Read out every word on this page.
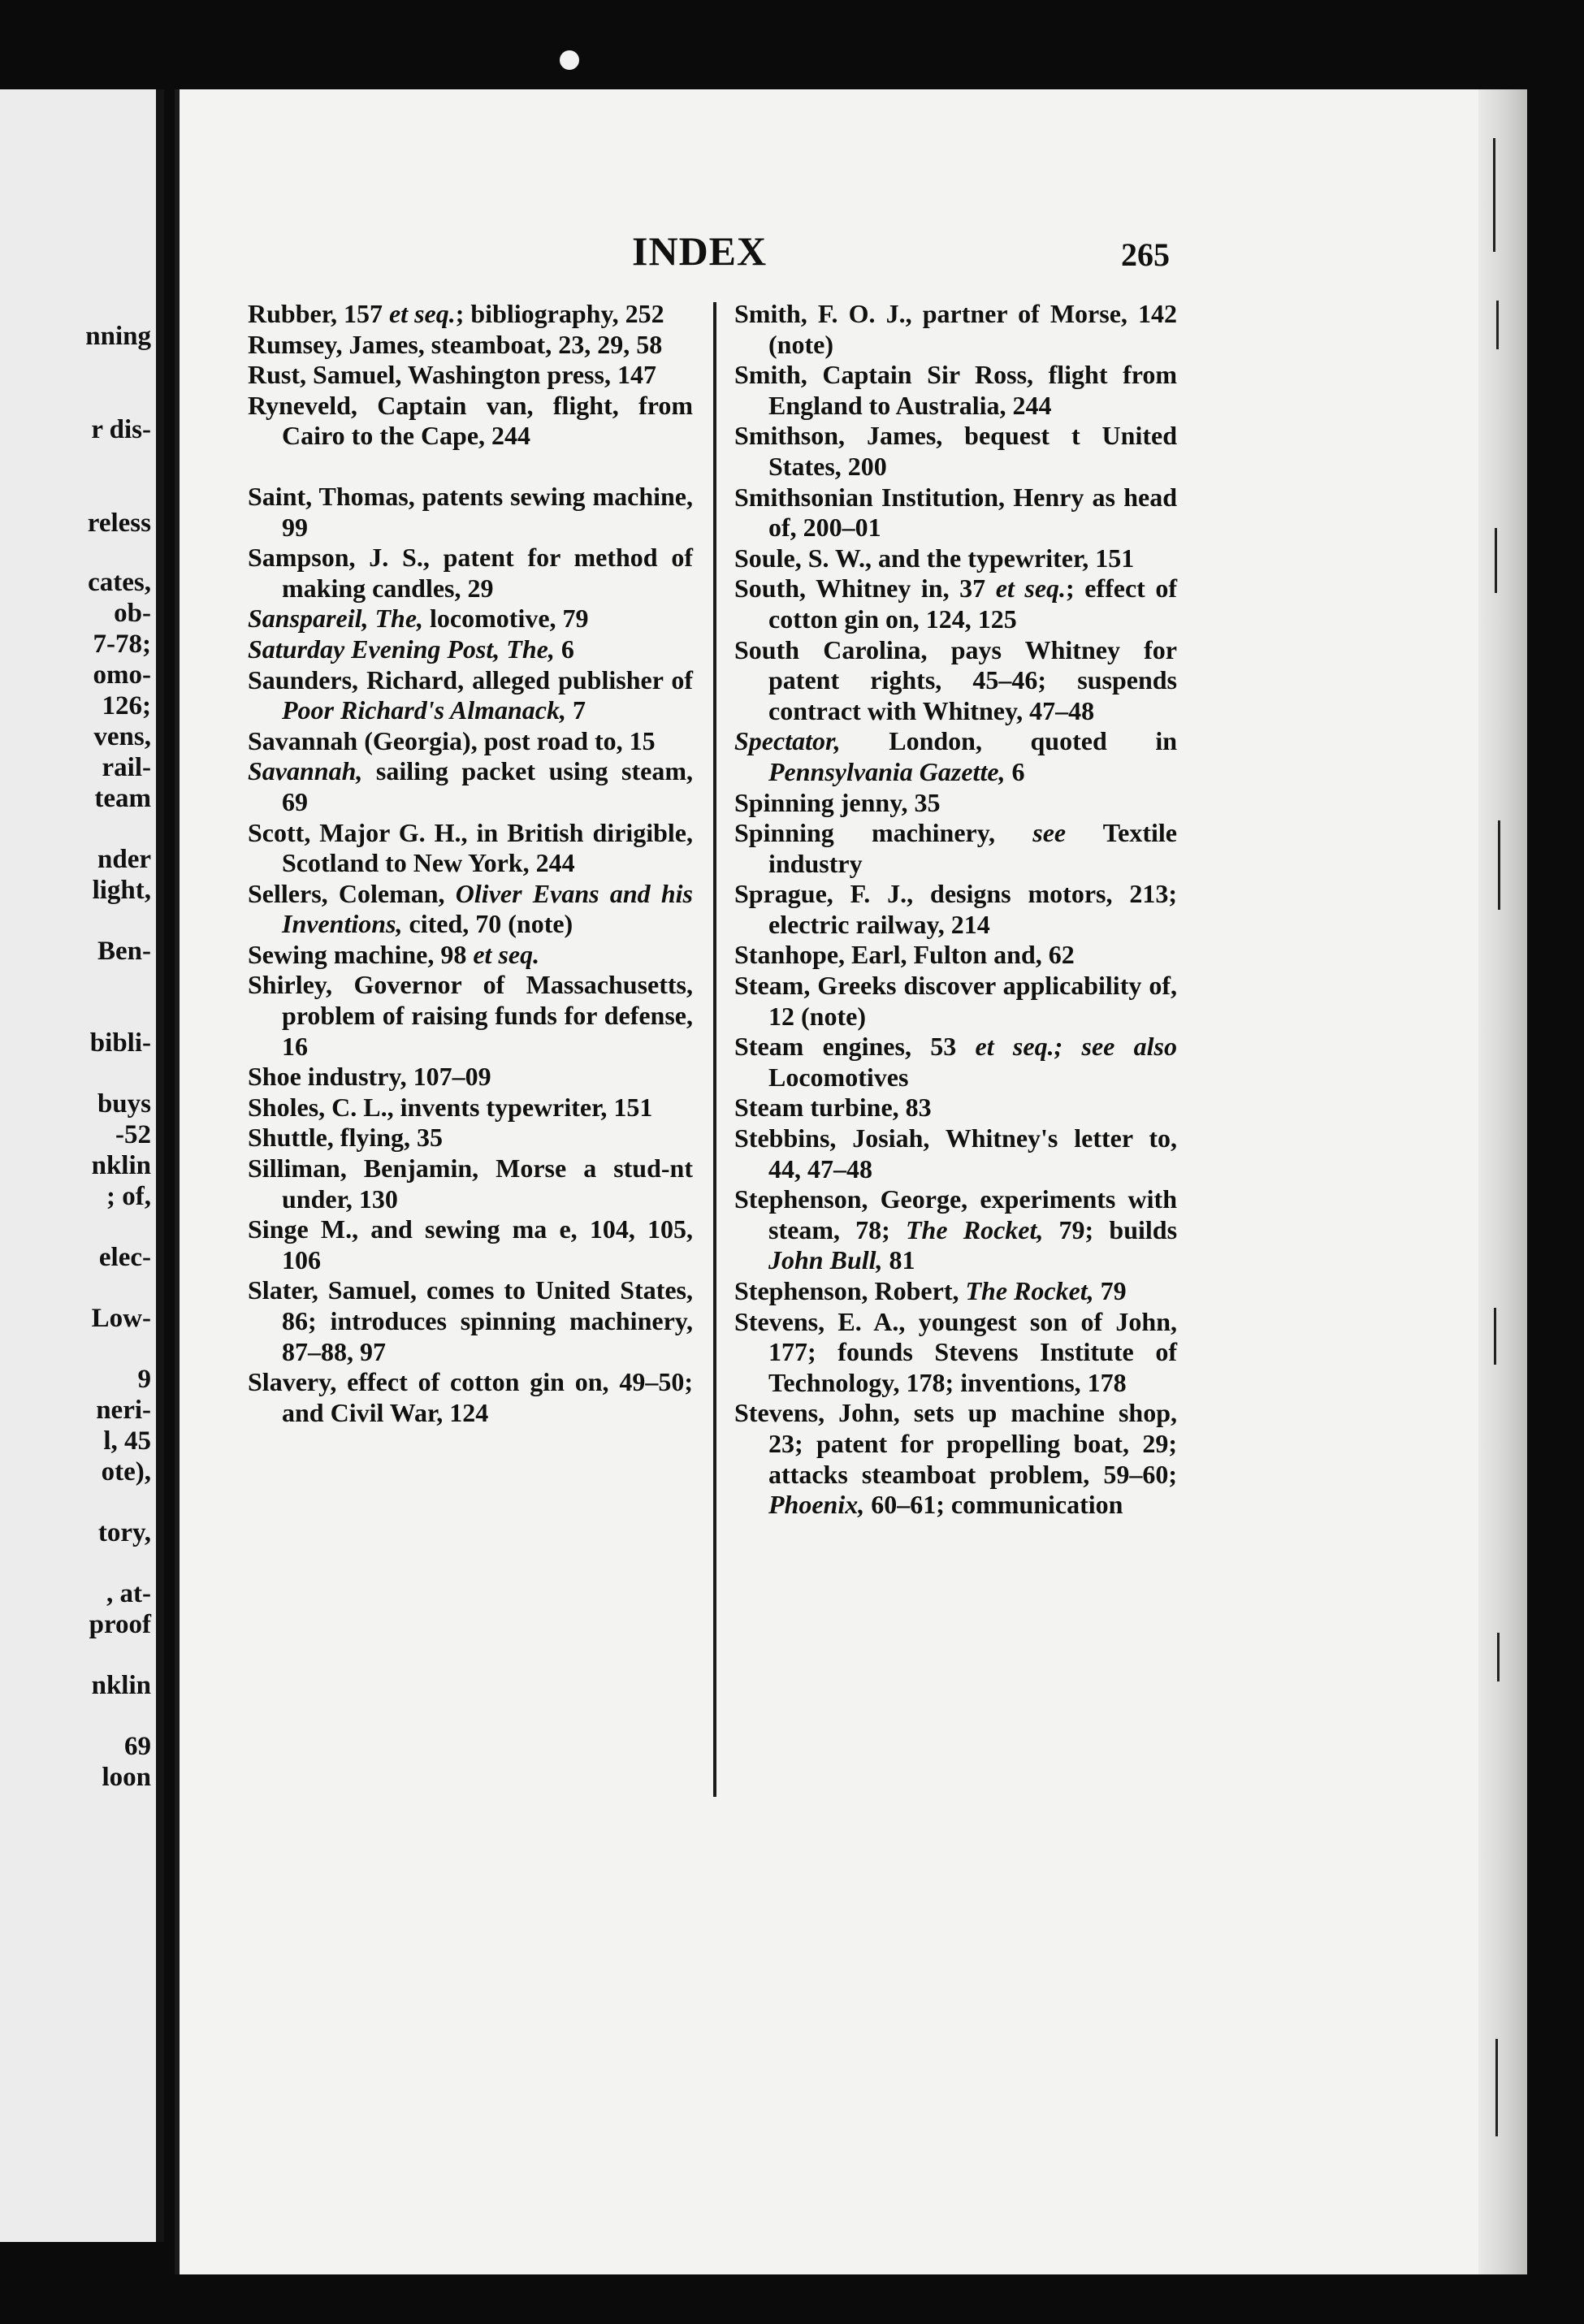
nning
r dis-
reless
cates,
ob-
7-78;
omo-
126;
vens,
rail-
team
nder
light,
Ben-
bibli-
buys
-52
nklin
; of,
elec-
Low-
9
neri-
l, 45
ote),
tory,
, at-
proof
nklin
69
loon
INDEX	265

Rubber, 157 et seq.; bibliography, 252

Rumsey, James, steamboat, 23, 29, 58

Rust, Samuel, Washington press, 147

Ryneveld, Captain van, flight, from Cairo to the Cape, 244

Saint, Thomas, patents sewing machine, 99

Sampson, J. S., patent for method of making candles, 29

Sanspareil, The, locomotive, 79

Saturday Evening Post, The, 6

Saunders, Richard, alleged publisher of Poor Richard's Almanack, 7

Savannah (Georgia), post road to, 15

Savannah, sailing packet using steam, 69

Scott, Major G. H., in British dirigible, Scotland to New York, 244

Sellers, Coleman, Oliver Evans and his Inventions, cited, 70 (note)

Sewing machine, 98 et seq.

Shirley, Governor of Massachusetts, problem of raising funds for defense, 16

Shoe industry, 107–09

Sholes, C. L., invents typewriter, 151

Shuttle, flying, 35

Silliman, Benjamin, Morse a stud-nt under, 130

Singe M., and sewing ma e, 104, 105, 106

Slater, Samuel, comes to United States, 86; introduces spinning machinery, 87–88, 97

Slavery, effect of cotton gin on, 49–50; and Civil War, 124

Smith, F. O. J., partner of Morse, 142 (note)

Smith, Captain Sir Ross, flight from England to Australia, 244

Smithson, James, bequest t United States, 200

Smithsonian Institution, Henry as head of, 200–01

Soule, S. W., and the typewriter, 151

South, Whitney in, 37 et seq.; effect of cotton gin on, 124, 125

South Carolina, pays Whitney for patent rights, 45–46; suspends contract with Whitney, 47–48

Spectator, London, quoted in Pennsylvania Gazette, 6

Spinning jenny, 35

Spinning machinery, see Textile industry

Sprague, F. J., designs motors, 213; electric railway, 214

Stanhope, Earl, Fulton and, 62

Steam, Greeks discover applicability of, 12 (note)

Steam engines, 53 et seq.; see also Locomotives

Steam turbine, 83

Stebbins, Josiah, Whitney's letter to, 44, 47–48

Stephenson, George, experiments with steam, 78; The Rocket, 79; builds John Bull, 81

Stephenson, Robert, The Rocket, 79

Stevens, E. A., youngest son of John, 177; founds Stevens Institute of Technology, 178; inventions, 178

Stevens, John, sets up machine shop, 23; patent for propelling boat, 29; attacks steamboat problem, 59–60; Phoenix, 60–61; communication
